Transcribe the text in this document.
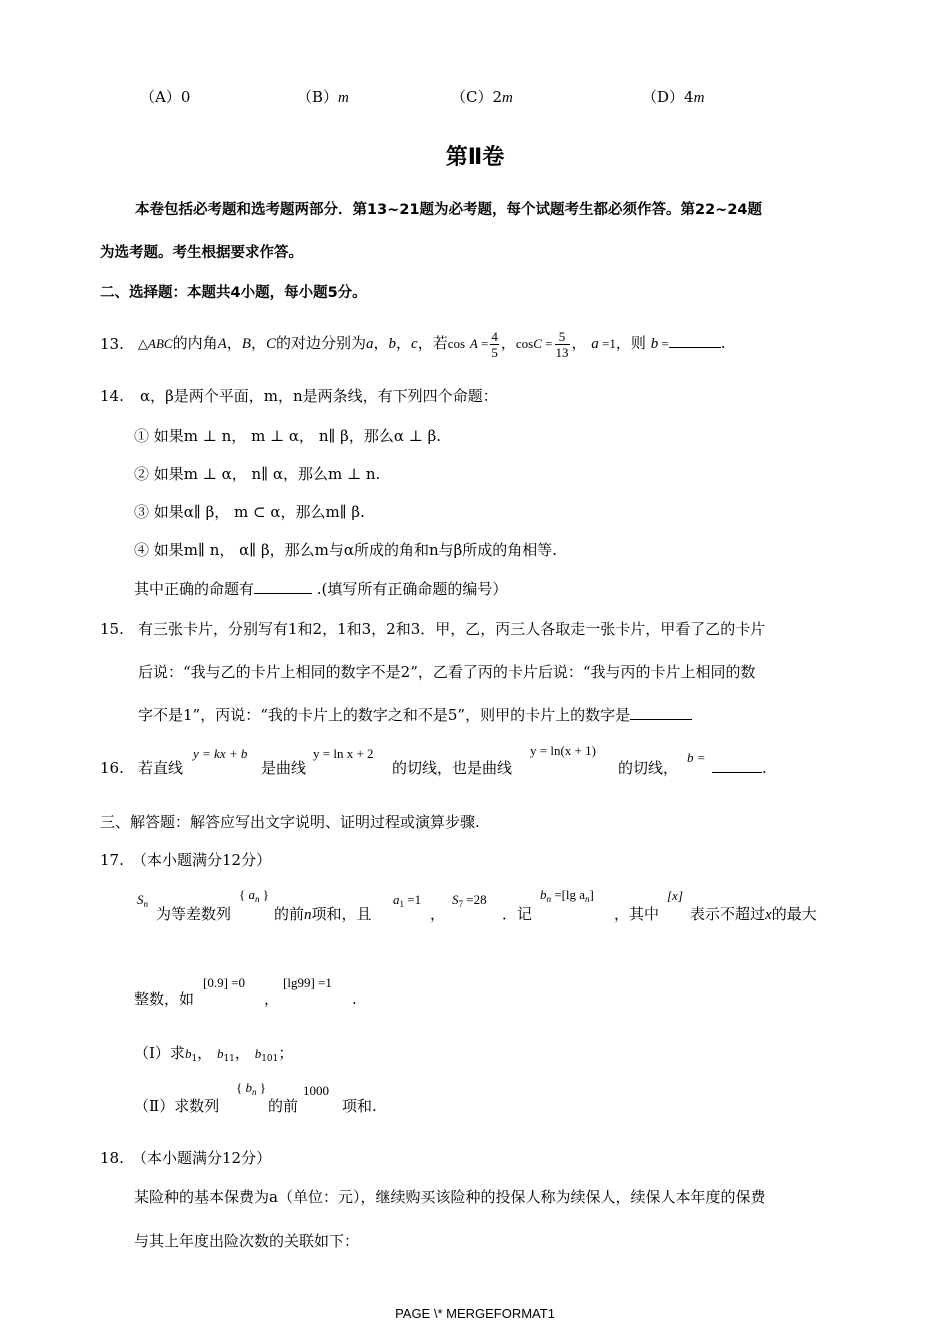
（A）0	（B）m	（C）2m	（D）4m
第Ⅱ卷
本卷包括必考题和选考题两部分．第13~21题为必考题，每个试题考生都必须作答。第22~24题
为选考题。考生根据要求作答。
二、选择题：本题共4小题，每小题5分。
13. △ABC的内角A，B，C的对边分别为a，b，c，若$\cos A = \frac{4}{5}$ ，$\cos C = \frac{5}{13}$ ， a =1，则 b =	.
14. α，β是两个平面，m，n是两条线，有下列四个命题：
① 如果m ⊥ n， m ⊥ α， n∥ β，那么α ⊥ β.
② 如果m ⊥ α， n∥ α，那么m ⊥ n.
③ 如果α∥ β， m ⊂ α，那么m∥ β.
④ 如果m∥ n， α∥ β，那么m与α所成的角和n与β所成的角相等.
其中正确的命题有	.(填写所有正确命题的编号）
15. 有三张卡片，分别写有1和2，1和3，2和3．甲，乙，丙三人各取走一张卡片，甲看了乙的卡片
后说：“我与乙的卡片上相同的数字不是2”，乙看了丙的卡片后说：“我与丙的卡片上相同的数
字不是1”，丙说：“我的卡片上的数字之和不是5”，则甲的卡片上的数字是
16. 若直线
y = kx + b
是曲线
y = ln x + 2
的切线，也是曲线
y = ln(x + 1)
的切线，
b =
.
三、解答题：解答应写出文字说明、证明过程或演算步骤.
17. （本小题满分12分）
$S_n$
为等差数列
{ $a_n$ }
的前n项和，且
$a_1 =1$
，
$S_7 =28$
．记
$b_n =[\lg$ $a_n$]
，其中
[x]
表示不超过x的最大
整数，如
[0.9] =0
，
[lg99] =1
.
（Ⅰ）求$b_1$， $b_{11}$， $b_{101}$；
（Ⅱ）求数列
{ $b_n$ }
的前
1000
项和.
18. （本小题满分12分）
某险种的基本保费为a（单位：元），继续购买该险种的投保人称为续保人，续保人本年度的保费
与其上年度出险次数的关联如下：
PAGE \* MERGEFORMAT1
